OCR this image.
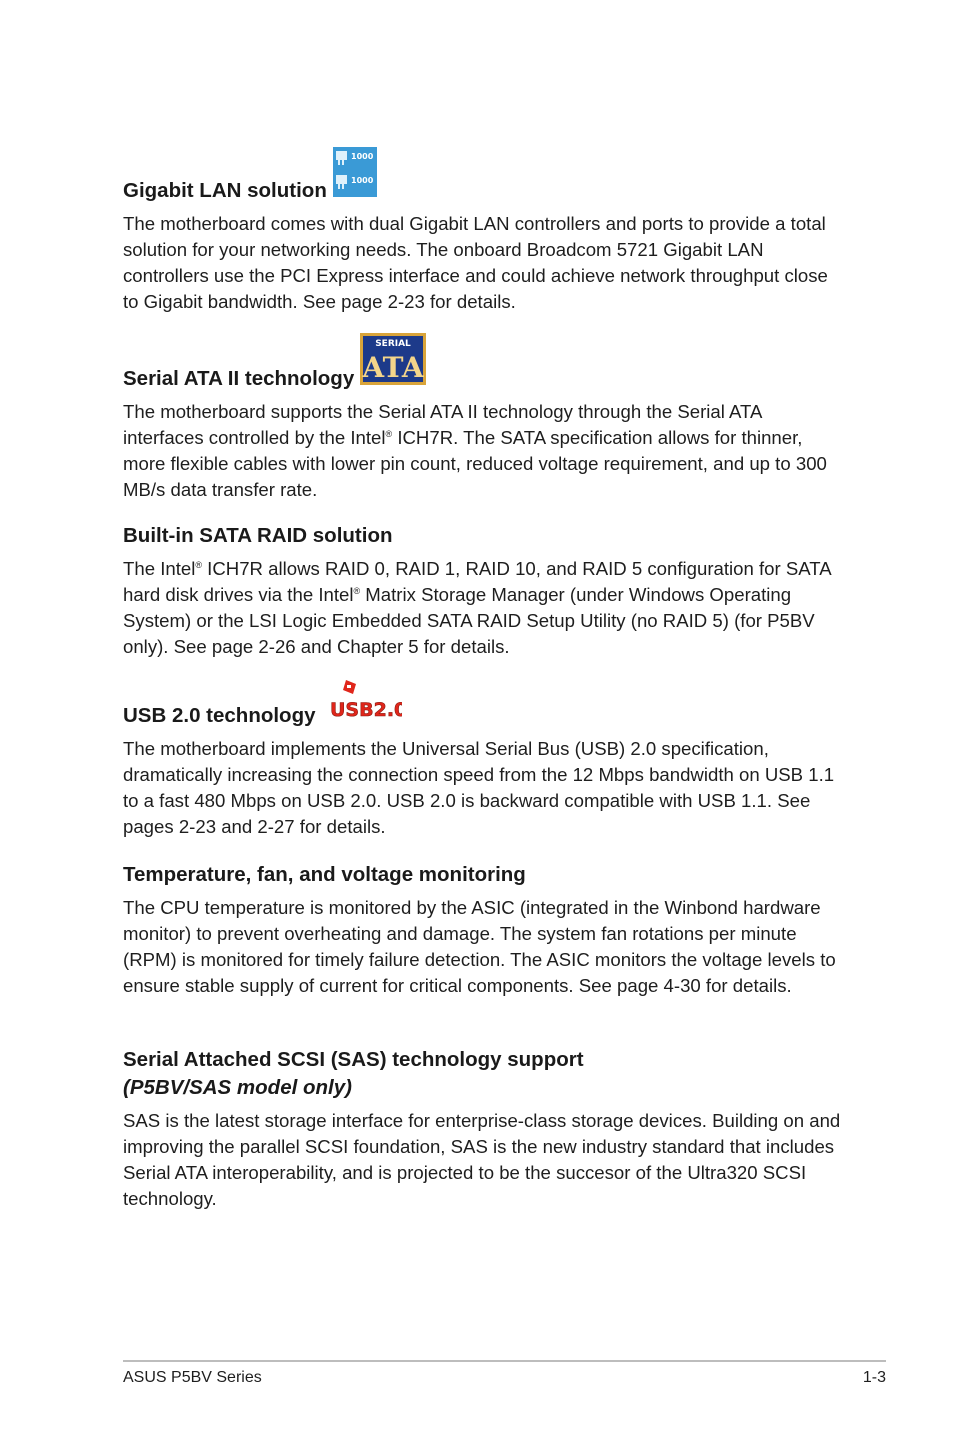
Gigabit LAN solution
1000
1000

The motherboard comes with dual Gigabit LAN controllers and ports to provide a total solution for your networking needs. The onboard Broadcom 5721 Gigabit LAN controllers use the PCI Express interface and could achieve network throughput close to Gigabit bandwidth. See page 2-23 for details.

Serial ATA II technology
SERIAL
ATA

The motherboard supports the Serial ATA II technology through the Serial ATA interfaces controlled by the Intel® ICH7R. The SATA specification allows for thinner, more flexible cables with lower pin count, reduced voltage requirement, and up to 300 MB/s data transfer rate.

Built-in SATA RAID solution

The Intel® ICH7R allows RAID 0, RAID 1, RAID 10, and RAID 5 configuration for SATA hard disk drives via the Intel® Matrix Storage Manager (under Windows Operating System) or the LSI Logic Embedded SATA RAID Setup Utility (no RAID 5) (for P5BV only). See page 2-26 and Chapter 5 for details.

USB 2.0 technology USB2.0

The motherboard implements the Universal Serial Bus (USB) 2.0 specification, dramatically increasing the connection speed from the 12 Mbps bandwidth on USB 1.1 to a fast 480 Mbps on USB 2.0. USB 2.0 is backward compatible with USB 1.1. See pages 2-23 and 2-27 for details.

Temperature, fan, and voltage monitoring

The CPU temperature is monitored by the ASIC (integrated in the Winbond hardware monitor) to prevent overheating and damage. The system fan rotations per minute (RPM) is monitored for timely failure detection. The ASIC monitors the voltage levels to ensure stable supply of current for critical components. See page 4-30 for details.

Serial Attached SCSI (SAS) technology support
(P5BV/SAS model only)

SAS is the latest storage interface for enterprise-class storage devices. Building on and improving the parallel SCSI foundation, SAS is the new industry standard that includes Serial ATA interoperability, and is projected to be the succesor of the Ultra320 SCSI technology.

ASUS P5BV Series	1-3
